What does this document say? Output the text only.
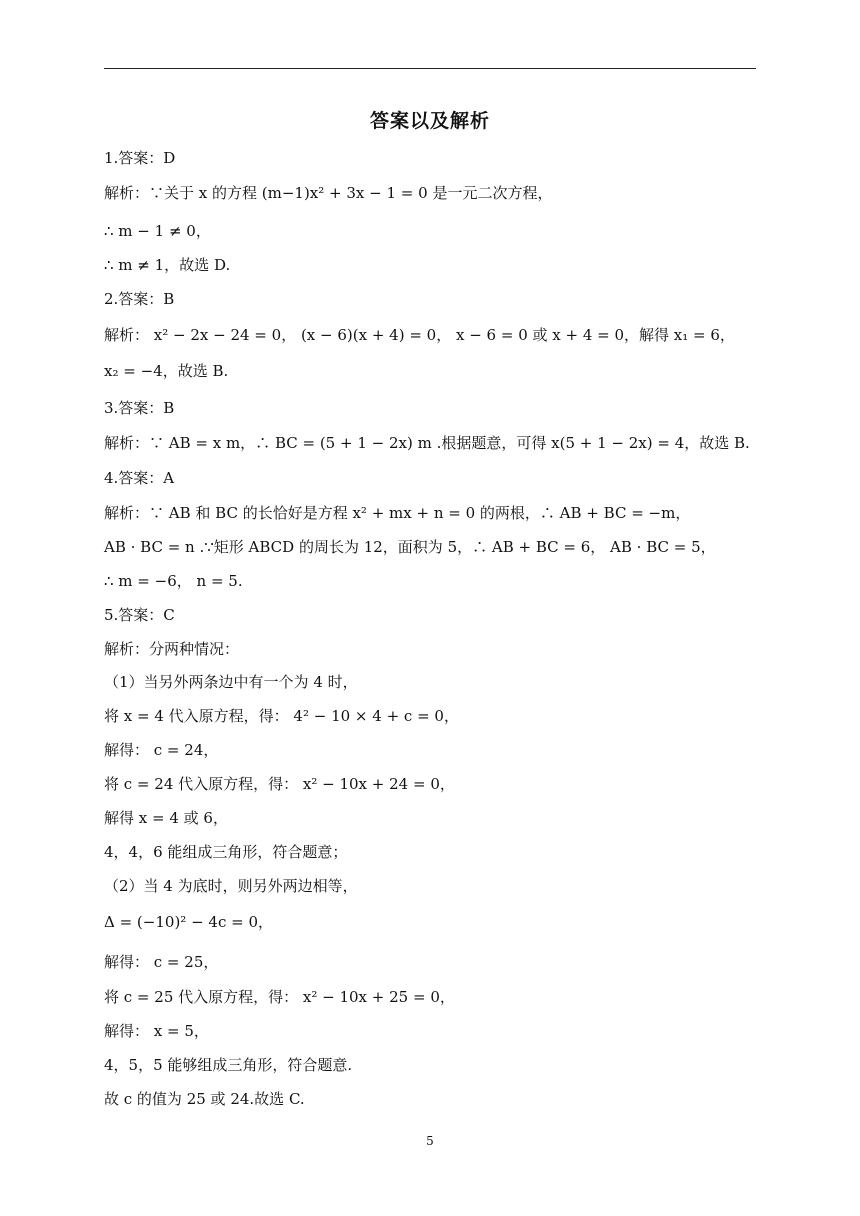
答案以及解析
1.答案：D
解析：∵关于 x 的方程 (m−1)x² + 3x − 1 = 0 是一元二次方程，
∴ m − 1 ≠ 0，
∴ m ≠ 1，故选 D.
2.答案：B
解析： x² − 2x − 24 = 0， (x − 6)(x + 4) = 0， x − 6 = 0 或 x + 4 = 0，解得 x₁ = 6，
x₂ = −4，故选 B.
3.答案：B
解析：∵ AB = x m，∴ BC = (5 + 1 − 2x) m .根据题意，可得 x(5 + 1 − 2x) = 4，故选 B.
4.答案：A
解析：∵ AB 和 BC 的长恰好是方程 x² + mx + n = 0 的两根，∴ AB + BC = −m，
AB · BC = n .∵矩形 ABCD 的周长为 12，面积为 5，∴ AB + BC = 6， AB · BC = 5，
∴ m = −6， n = 5.
5.答案：C
解析：分两种情况：
（1）当另外两条边中有一个为 4 时，
将 x = 4 代入原方程，得： 4² − 10 × 4 + c = 0，
解得： c = 24，
将 c = 24 代入原方程，得： x² − 10x + 24 = 0，
解得 x = 4 或 6，
4，4，6 能组成三角形，符合题意；
（2）当 4 为底时，则另外两边相等，
Δ = (−10)² − 4c = 0，
解得： c = 25，
将 c = 25 代入原方程，得： x² − 10x + 25 = 0，
解得： x = 5，
4，5，5 能够组成三角形，符合题意.
故 c 的值为 25 或 24.故选 C.
5
